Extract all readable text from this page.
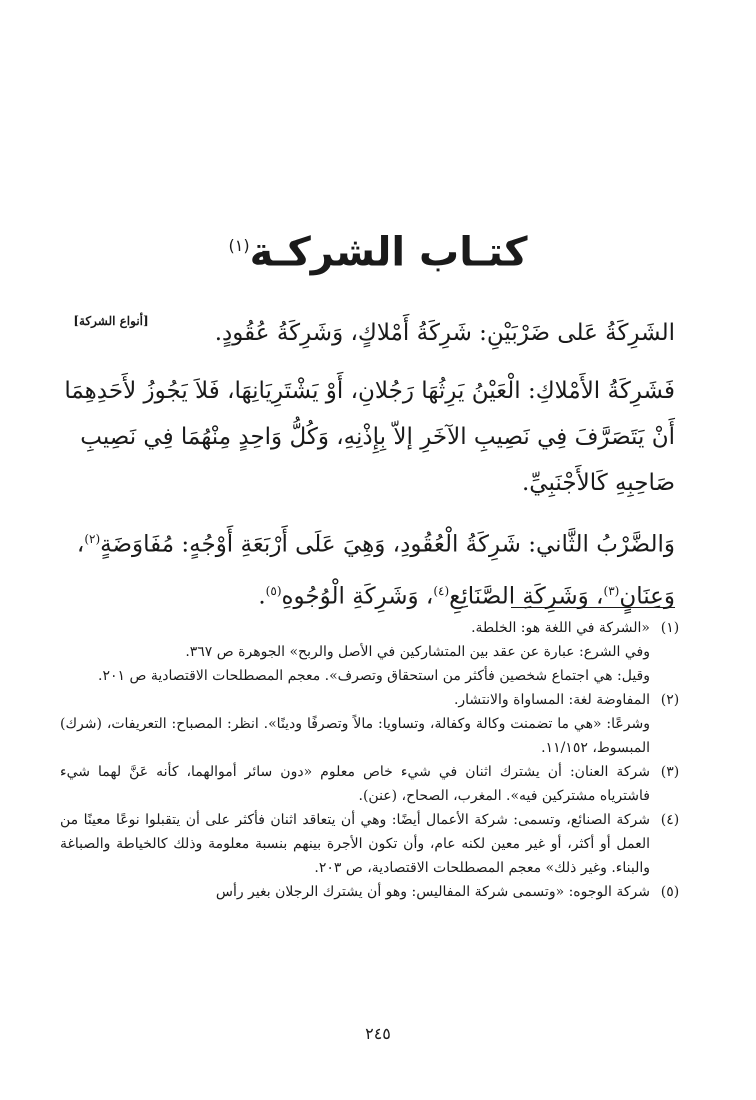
كتـاب الشركـة$^{(١)}$
[أنواع الشركة]	الشَرِكَةُ عَلى ضَرْبَيْنِ: شَرِكَةُ أَمْلاكٍ، وَشَرِكَةُ عُقُودٍ.

فَشَرِكَةُ الأَمْلاكِ: الْعَيْنُ يَرِثُهَا رَجُلانِ، أَوْ يَشْتَرِيَانِهَا، فَلاَ يَجُوزُ لأَحَدِهِمَا أَنْ يَتَصَرَّفَ فِي نَصِيبِ الآخَرِ إلاّ بِإِذْنِهِ، وَكُلُّ وَاحِدٍ مِنْهُمَا فِي نَصِيبِ صَاحِبِهِ كَالأَجْنَبِيِّ.

وَالضَّرْبُ الثَّاني: شَرِكَةُ الْعُقُودِ، وَهِيَ عَلَى أَرْبَعَةِ أَوْجُهٍ: مُفَاوَضَةٍ$^{(٢)}$، وَعِنَانٍ$^{(٣)}$، وَشَرِكَةِ الصَّنَائِعِ$^{(٤)}$، وَشَرِكَةِ الْوُجُوهِ$^{(٥)}$.

(١)

«الشركة في اللغة هو: الخلطة.

وفي الشرع: عبارة عن عقد بين المتشاركين في الأصل والربح» الجوهرة ص ٣٦٧.

وقيل: هي اجتماع شخصين فأكثر من استحقاق وتصرف». معجم المصطلحات الاقتصادية ص ٢٠١.

(٢)

المفاوضة لغة: المساواة والانتشار.

وشرعًا: «هي ما تضمنت وكالة وكفالة، وتساويا: مالاً وتصرفًا ودينًا». انظر: المصباح: التعريفات، (شرك) المبسوط، ١١/١٥٢.

(٣)

شركة العنان: أن يشترك اثنان في شيء خاص معلوم «دون سائر أموالهما، كأنه عَنَّ لهما شيء فاشترياه مشتركين فيه». المغرب، الصحاح، (عنن).

(٤)

شركة الصنائع، وتسمى: شركة الأعمال أيضًا: وهي أن يتعاقد اثنان فأكثر على أن يتقبلوا نوعًا معينًا من العمل أو أكثر، أو غير معين لكنه عام، وأن تكون الأجرة بينهم بنسبة معلومة وذلك كالخياطة والصباغة والبناء. وغير ذلك» معجم المصطلحات الاقتصادية، ص ٢٠٣.

(٥)

شركة الوجوه: «وتسمى شركة المفاليس: وهو أن يشترك الرجلان بغير رأس

٢٤٥
